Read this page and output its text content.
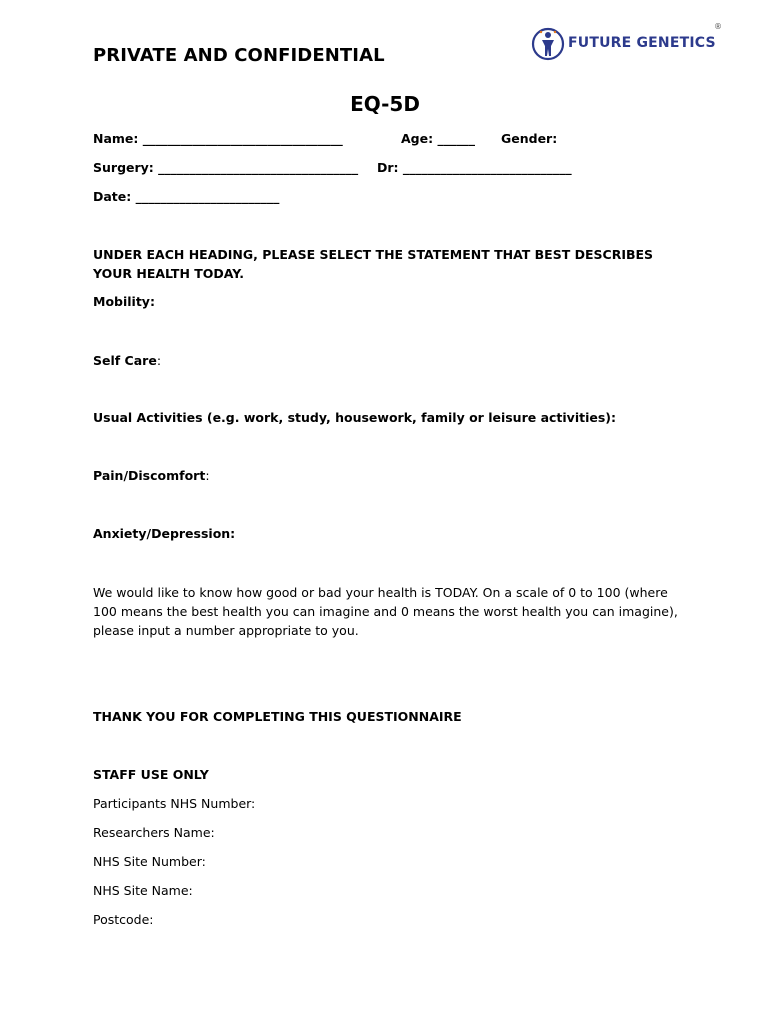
PRIVATE AND CONFIDENTIAL
FUTURE GENETICS
®
EQ-5D
Name: ________________________________	Age: ______ Gender:
Surgery: ________________________________ Dr: ___________________________
Date: _______________________
UNDER EACH HEADING, PLEASE SELECT THE STATEMENT THAT BEST DESCRIBES YOUR HEALTH TODAY.
Mobility:
Self Care:
Usual Activities (e.g. work, study, housework, family or leisure activities):
Pain/Discomfort:
Anxiety/Depression:
We would like to know how good or bad your health is TODAY. On a scale of 0 to 100 (where 100 means the best health you can imagine and 0 means the worst health you can imagine), please input a number appropriate to you.
THANK YOU FOR COMPLETING THIS QUESTIONNAIRE
STAFF USE ONLY
Participants NHS Number:
Researchers Name:
NHS Site Number:
NHS Site Name:
Postcode:
